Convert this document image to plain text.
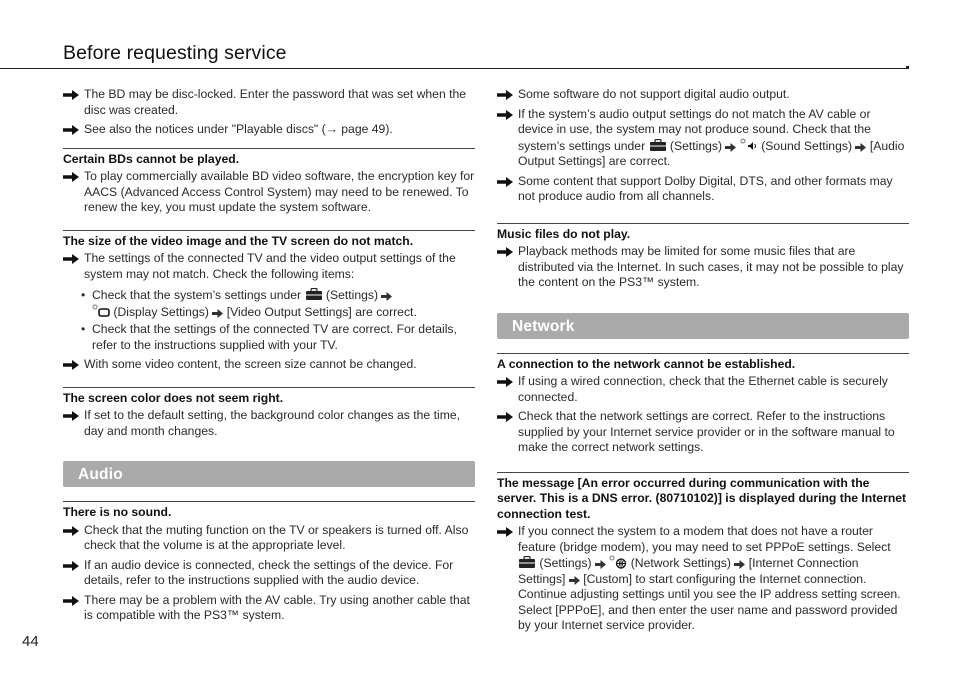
Before requesting service
The BD may be disc-locked. Enter the password that was set when the disc was created.
See also the notices under "Playable discs" (→ page 49).
Certain BDs cannot be played.
To play commercially available BD video software, the encryption key for AACS (Advanced Access Control System) may need to be renewed. To renew the key, you must update the system software.
The size of the video image and the TV screen do not match.
The settings of the connected TV and the video output settings of the system may not match. Check the following items:
• Check that the system’s settings under (Settings)
(Display Settings) [Video Output Settings] are correct.
• Check that the settings of the connected TV are correct. For details, refer to the instructions supplied with your TV.
With some video content, the screen size cannot be changed.
The screen color does not seem right.
If set to the default setting, the background color changes as the time, day and month changes.
Audio
There is no sound.
Check that the muting function on the TV or speakers is turned off. Also check that the volume is at the appropriate level.
If an audio device is connected, check the settings of the device. For details, refer to the instructions supplied with the audio device.
There may be a problem with the AV cable. Try using another cable that is compatible with the PS3™ system.
Some software do not support digital audio output.
If the system’s audio output settings do not match the AV cable or device in use, the system may not produce sound. Check that the system’s settings under (Settings)	(Sound Settings) [Audio Output Settings] are correct.
Some content that support Dolby Digital, DTS, and other formats may not produce audio from all channels.
Music files do not play.
Playback methods may be limited for some music files that are distributed via the Internet. In such cases, it may not be possible to play the content on the PS3™ system.
Network
A connection to the network cannot be established.
If using a wired connection, check that the Ethernet cable is securely connected.
Check that the network settings are correct. Refer to the instructions supplied by your Internet service provider or in the software manual to make the correct network settings.
The message [An error occurred during communication with the server. This is a DNS error. (80710102)] is displayed during the Internet connection test.
If you connect the system to a modem that does not have a router feature (bridge modem), you may need to set PPPoE settings. Select  (Settings)	(Network Settings) [Internet Connection Settings] [Custom] to start configuring the Internet connection. Continue adjusting settings until you see the IP address setting screen. Select [PPPoE], and then enter the user name and password provided by your Internet service provider.
44
